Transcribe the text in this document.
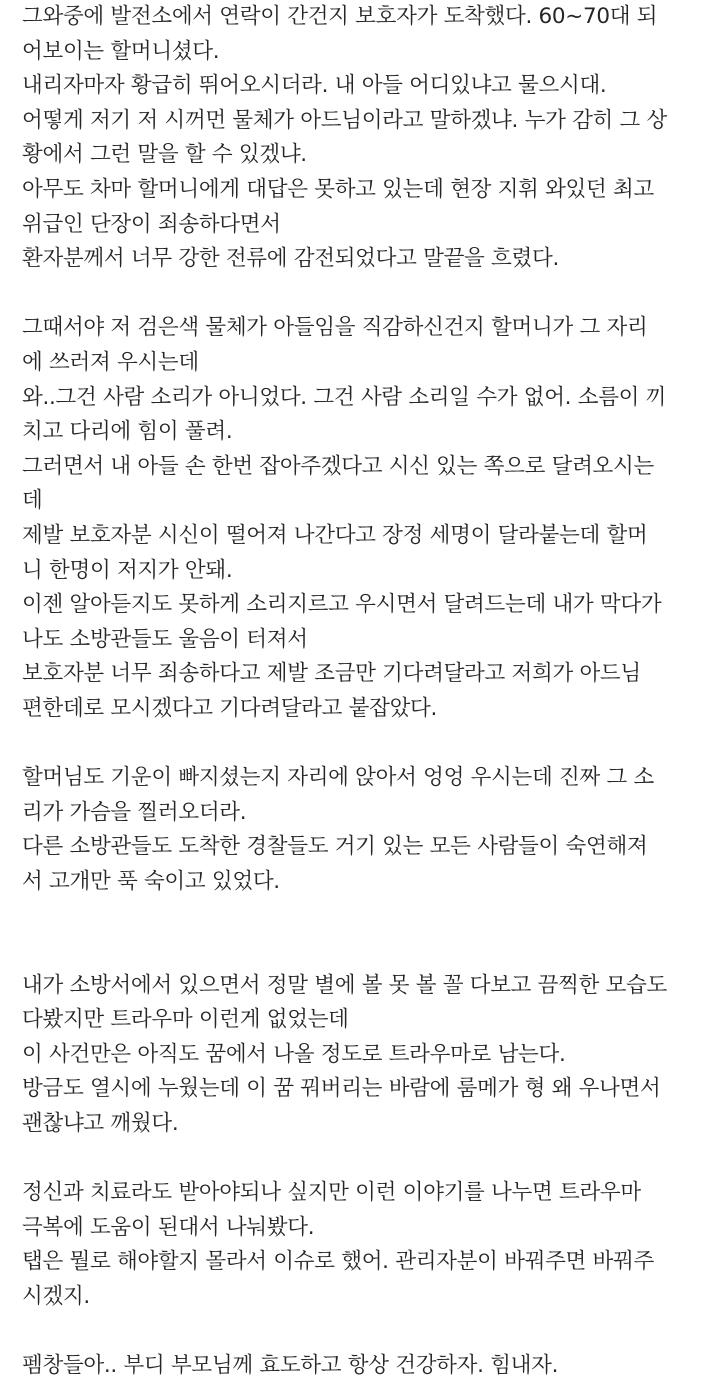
그와중에 발전소에서 연락이 간건지 보호자가 도착했다. 60~70대 되
어보이는 할머니셨다.
내리자마자 황급히 뛰어오시더라. 내 아들 어디있냐고 물으시대.
어떻게 저기 저 시꺼먼 물체가 아드님이라고 말하겠냐. 누가 감히 그 상
황에서 그런 말을 할 수 있겠냐.
아무도 차마 할머니에게 대답은 못하고 있는데 현장 지휘 와있던 최고
위급인 단장이 죄송하다면서
환자분께서 너무 강한 전류에 감전되었다고 말끝을 흐렸다.
그때서야 저 검은색 물체가 아들임을 직감하신건지 할머니가 그 자리
에 쓰러져 우시는데
와..그건 사람 소리가 아니었다. 그건 사람 소리일 수가 없어. 소름이 끼
치고 다리에 힘이 풀려.
그러면서 내 아들 손 한번 잡아주겠다고 시신 있는 쪽으로 달려오시는
데
제발 보호자분 시신이 떨어져 나간다고 장정 세명이 달라붙는데 할머
니 한명이 저지가 안돼.
이젠 알아듣지도 못하게 소리지르고 우시면서 달려드는데 내가 막다가
나도 소방관들도 울음이 터져서
보호자분 너무 죄송하다고 제발 조금만 기다려달라고 저희가 아드님
편한데로 모시겠다고 기다려달라고 붙잡았다.
할머님도 기운이 빠지셨는지 자리에 앉아서 엉엉 우시는데 진짜 그 소
리가 가슴을 찔러오더라.
다른 소방관들도 도착한 경찰들도 거기 있는 모든 사람들이 숙연해져
서 고개만 푹 숙이고 있었다.
내가 소방서에서 있으면서 정말 별에 볼 못 볼 꼴 다보고 끔찍한 모습도
다봤지만 트라우마 이런게 없었는데
이 사건만은 아직도 꿈에서 나올 정도로 트라우마로 남는다.
방금도 열시에 누웠는데 이 꿈 꿔버리는 바람에 룸메가 형 왜 우나면서
괜찮냐고 깨웠다.
정신과 치료라도 받아야되나 싶지만 이런 이야기를 나누면 트라우마
극복에 도움이 된대서 나눠봤다.
탭은 뭘로 해야할지 몰라서 이슈로 했어. 관리자분이 바꿔주면 바꿔주
시겠지.
펨창들아.. 부디 부모님께 효도하고 항상 건강하자. 힘내자.
